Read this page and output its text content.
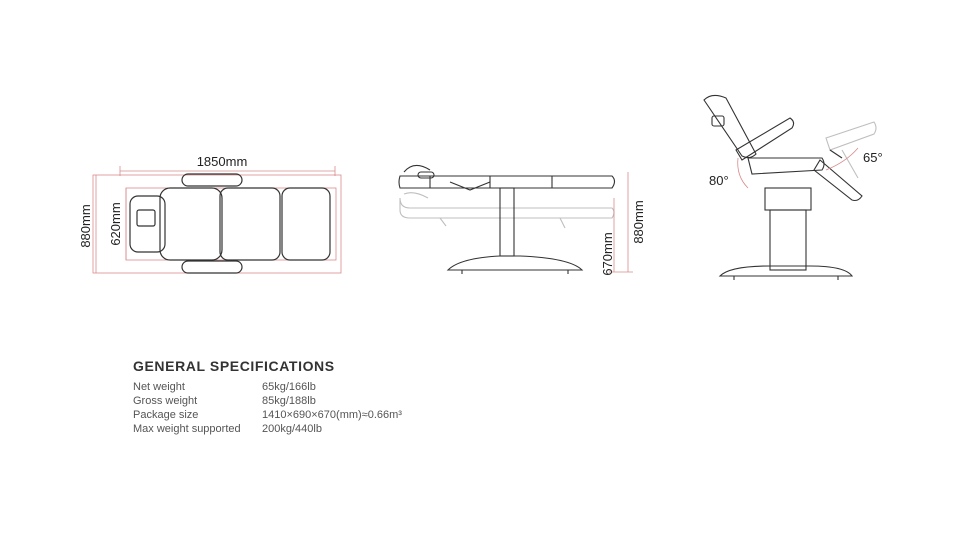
1850mm
880mm 620mm
670mm
880mm
80°
65°
GENERAL SPECIFICATIONS
Net weight	65kg/166lb
Gross weight	85kg/188lb
Package size	1410×690×670(mm)≈0.66m³
Max weight supported	200kg/440lb
